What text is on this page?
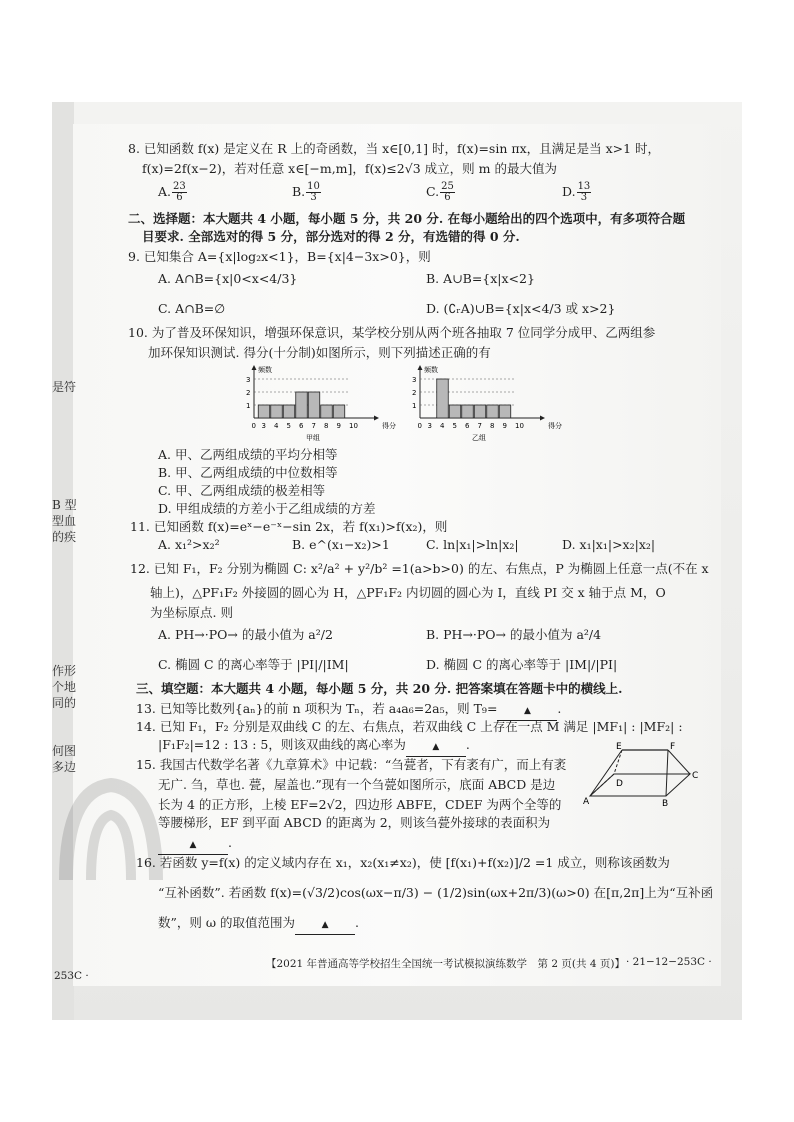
是符
B 型
型血
的疾
作形
个地
同的
何图
多边
8. 已知函数 f(x) 是定义在 R 上的奇函数，当 x∈[0,1] 时，f(x)=sin πx，且满足是当 x>1 时，
f(x)=2f(x−2)，若对任意 x∈[−m,m]，f(x)≤2√3 成立，则 m 的最大值为
A. $\frac{23}{6}$	B. $\frac{10}{3}$	C. $\frac{25}{6}$	D. $\frac{13}{3}$
二、选择题：本大题共 4 小题，每小题 5 分，共 20 分. 在每小题给出的四个选项中，有多项符合题
目要求. 全部选对的得 5 分，部分选对的得 2 分，有选错的得 0 分.
9. 已知集合 A={x|log₂x<1}，B={x|4−3x>0}，则
A. A∩B={x|0<x<4/3}	B. A∪B={x|x<2}
C. A∩B=∅	D. (∁ᵣA)∪B={x|x<4/3 或 x>2}
10. 为了普及环保知识，增强环保意识，某学校分别从两个班各抽取 7 位同学分成甲、乙两组参
加环保知识测试. 得分(十分制)如图所示，则下列描述正确的有
1
2
3
0 3 4 5 6 7 8 9 10
频数
得分
甲组
1
2
3
0 3 4 5 6 7 8 9 10
频数
得分
乙组
A. 甲、乙两组成绩的平均分相等
B. 甲、乙两组成绩的中位数相等
C. 甲、乙两组成绩的极差相等
D. 甲组成绩的方差小于乙组成绩的方差
11. 已知函数 f(x)=eˣ−e⁻ˣ−sin 2x，若 f(x₁)>f(x₂)，则
A. x₁²>x₂²	B. e^(x₁−x₂)>1	C. ln|x₁|>ln|x₂|	D. x₁|x₁|>x₂|x₂|
12. 已知 F₁，F₂ 分别为椭圆 C: x²/a² + y²/b² =1(a>b>0) 的左、右焦点，P 为椭圆上任意一点(不在 x
轴上)，△PF₁F₂ 外接圆的圆心为 H，△PF₁F₂ 内切圆的圆心为 I，直线 PI 交 x 轴于点 M，O
为坐标原点. 则
A. PH→·PO→ 的最小值为 a²/2	B. PH→·PO→ 的最小值为 a²/4
C. 椭圆 C 的离心率等于 |PI|/|IM|	D. 椭圆 C 的离心率等于 |IM|/|PI|
三、填空题：本大题共 4 小题，每小题 5 分，共 20 分. 把答案填在答题卡中的横线上.
13. 已知等比数列{aₙ}的前 n 项积为 Tₙ，若 a₄a₆=2a₅，则 T₉=	▲ .
14. 已知 F₁，F₂ 分别是双曲线 C 的左、右焦点，若双曲线 C 上存在一点 M 满足 |MF₁| : |MF₂| :
|F₁F₂|=12 : 13 : 5，则该双曲线的离心率为	▲ .
15. 我国古代数学名著《九章算术》中记载：“刍甍者，下有袤有广，而上有袤
无广. 刍，草也. 甍，屋盖也.”现有一个刍甍如图所示，底面 ABCD 是边
长为 4 的正方形，上棱 EF=2√2，四边形 ABFE，CDEF 为两个全等的
等腰梯形，EF 到平面 ABCD 的距离为 2，则该刍甍外接球的表面积为
▲	.
E	F
A	B
C
D
16. 若函数 y=f(x) 的定义域内存在 x₁，x₂(x₁≠x₂)，使 [f(x₁)+f(x₂)]/2 =1 成立，则称该函数为
“互补函数”. 若函数 f(x)=(√3/2)cos(ωx−π/3) − (1/2)sin(ωx+2π/3)(ω>0) 在[π,2π]上为“互补函
数”，则 ω 的取值范围为	▲ .
【2021 年普通高等学校招生全国统一考试模拟演练数学　第 2 页(共 4 页)】 · 21−12−253C ·
253C ·
